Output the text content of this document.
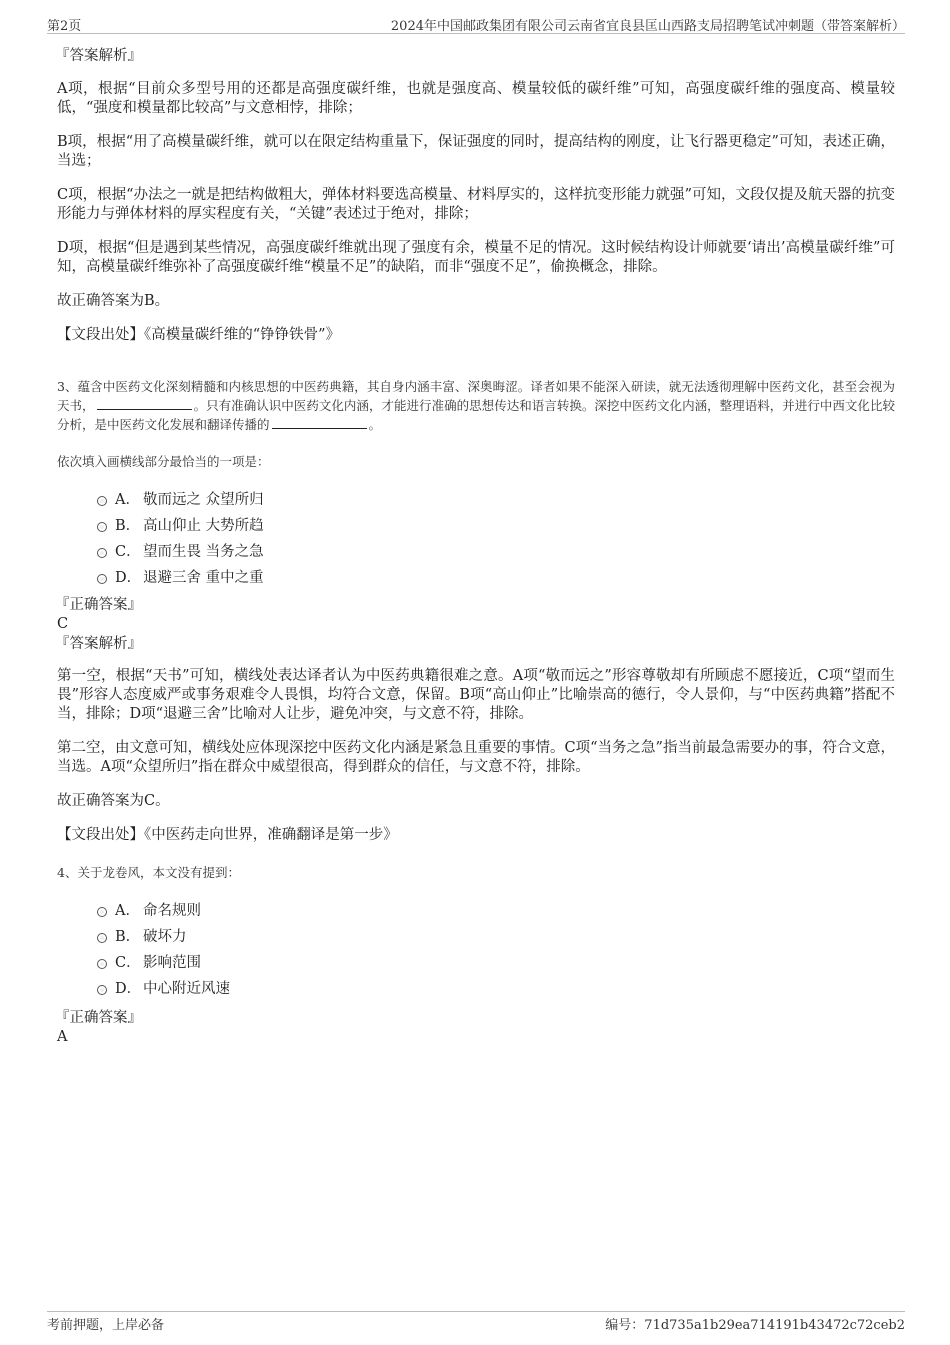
第2页	2024年中国邮政集团有限公司云南省宜良县匡山西路支局招聘笔试冲刺题（带答案解析）
『答案解析』

A项，根据“目前众多型号用的还都是高强度碳纤维，也就是强度高、模量较低的碳纤维”可知，高强度碳纤维的强度高、模量较低，“强度和模量都比较高”与文意相悖，排除；

B项，根据“用了高模量碳纤维，就可以在限定结构重量下，保证强度的同时，提高结构的刚度，让飞行器更稳定”可知，表述正确，当选；

C项，根据“办法之一就是把结构做粗大，弹体材料要选高模量、材料厚实的，这样抗变形能力就强”可知，文段仅提及航天器的抗变形能力与弹体材料的厚实程度有关，“关键”表述过于绝对，排除；

D项，根据“但是遇到某些情况，高强度碳纤维就出现了强度有余，模量不足的情况。这时候结构设计师就要‘请出’高模量碳纤维”可知，高模量碳纤维弥补了高强度碳纤维“模量不足”的缺陷，而非“强度不足”，偷换概念，排除。

故正确答案为B。

【文段出处】《高模量碳纤维的“铮铮铁骨”》

3、蕴含中医药文化深刻精髓和内核思想的中医药典籍，其自身内涵丰富、深奥晦涩。译者如果不能深入研读，就无法透彻理解中医药文化，甚至会视为天书，	。只有准确认识中医药文化内涵，才能进行准确的思想传达和语言转换。深挖中医药文化内涵，整理语料，并进行中西文化比较分析，是中医药文化发展和翻译传播的	。

依次填入画横线部分最恰当的一项是：

A． 敬而远之 众望所归
B． 高山仰止 大势所趋
C． 望而生畏 当务之急
D． 退避三舍 重中之重
『正确答案』

C

『答案解析』

第一空，根据“天书”可知，横线处表达译者认为中医药典籍很难之意。A项“敬而远之”形容尊敬却有所顾虑不愿接近，C项“望而生畏”形容人态度威严或事务艰难令人畏惧，均符合文意，保留。B项“高山仰止”比喻崇高的德行，令人景仰，与“中医药典籍”搭配不当，排除；D项“退避三舍”比喻对人让步，避免冲突，与文意不符，排除。

第二空，由文意可知，横线处应体现深挖中医药文化内涵是紧急且重要的事情。C项“当务之急”指当前最急需要办的事，符合文意，当选。A项“众望所归”指在群众中威望很高，得到群众的信任，与文意不符，排除。

故正确答案为C。

【文段出处】《中医药走向世界，准确翻译是第一步》

4、关于龙卷风，本文没有提到：

A． 命名规则
B． 破坏力
C． 影响范围
D． 中心附近风速
『正确答案』

A

考前押题，上岸必备	编号：71d735a1b29ea714191b43472c72ceb2
